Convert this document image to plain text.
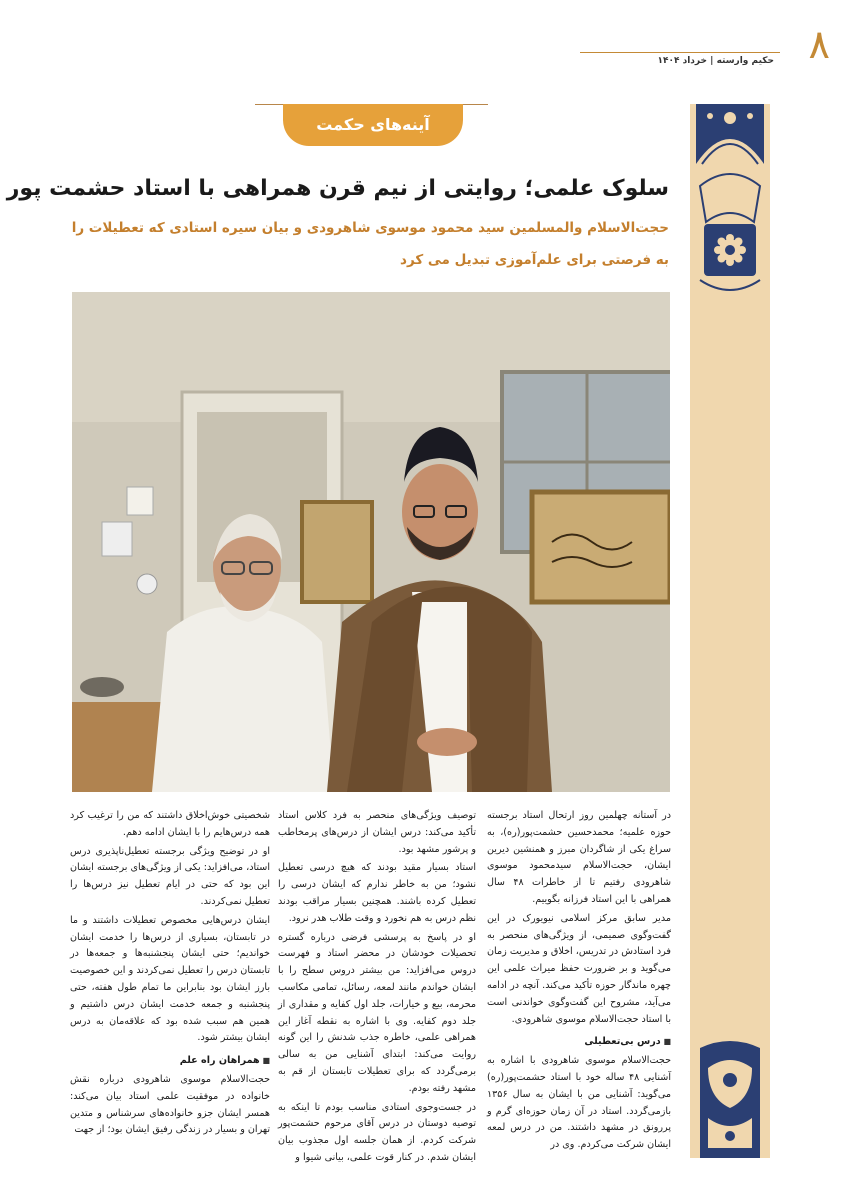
۸
حکیم وارسته | خرداد ۱۴۰۴
آینه‌های حکمت
سلوک علمی؛ روایتی از نیم قرن همراهی با استاد حشمت پور
حجت‌الاسلام والمسلمین سید محمود موسوی شاهرودی و بیان سیره استادی که تعطیلات را
به فرصتی برای علم‌آموزی تبدیل می کرد

در آستانه چهلمین روز ارتحال استاد برجسته حوزه علمیه؛ محمدحسین حشمت‌پور(ره)، به سراغ یکی از شاگردان مبرز و همنشین دیرین ایشان، حجت‌الاسلام سیدمحمود موسوی شاهرودی رفتیم تا از خاطرات ۴۸ سال همراهی با این استاد فرزانه بگوییم.

مدیر سابق مرکز اسلامی نیویورک در این گفت‌وگوی صمیمی، از ویژگی‌های منحصر به فرد استادش در تدریس، اخلاق و مدیریت زمان می‌گوید و بر ضرورت حفظ میراث علمی این چهره ماندگار حوزه تأکید می‌کند. آنچه در ادامه می‌آید، مشروح این گفت‌وگوی خواندنی است با استاد حجت‌الاسلام موسوی شاهرودی.

■ درس بی‌تعطیلی

حجت‌الاسلام موسوی شاهرودی با اشاره به آشنایی ۴۸ ساله خود با استاد حشمت‌پور(ره) می‌گوید: آشنایی من با ایشان به سال ۱۳۵۶ بازمی‌گردد. استاد در آن زمان حوزه‌ای گرم و پررونق در مشهد داشتند. من در درس لمعه ایشان شرکت می‌کردم. وی در

توصیف ویژگی‌های منحصر به فرد کلاس استاد تأکید می‌کند: درس ایشان از درس‌های پرمخاطب و پرشور مشهد بود.

استاد بسیار مقید بودند که هیچ درسی تعطیل نشود؛ من به خاطر ندارم که ایشان درسی را تعطیل کرده باشند. همچنین بسیار مراقب بودند نظم درس به هم نخورد و وقت طلاب هدر نرود.

او در پاسخ به پرسشی فرضی درباره گستره تحصیلات خودشان در محضر استاد و فهرست دروس می‌افزاید: من بیشتر دروس سطح را با ایشان خواندم مانند لمعه، رسائل، تمامی مکاسب محرمه، بیع و خیارات، جلد اول کفایه و مقداری از جلد دوم کفایه. وی با اشاره به نقطه آغاز این همراهی علمی، خاطره جذب شدنش را این گونه روایت می‌کند: ابتدای آشنایی من به سالی برمی‌گردد که برای تعطیلات تابستان از قم به مشهد رفته بودم.

در جست‌وجوی استادی مناسب بودم تا اینکه به توصیه دوستان در درس آقای مرحوم حشمت‌پور شرکت کردم. از همان جلسه اول مجذوب بیان ایشان شدم. در کنار قوت علمی، بیانی شیوا و

شخصیتی خوش‌اخلاق داشتند که من را ترغیب کرد همه درس‌هایم را با ایشان ادامه دهم.

او در توضیح ویژگی برجسته تعطیل‌ناپذیری درس استاد، می‌افزاید: یکی از ویژگی‌های برجسته ایشان این بود که حتی در ایام تعطیل نیز درس‌ها را تعطیل نمی‌کردند.

ایشان درس‌هایی مخصوص تعطیلات داشتند و ما در تابستان، بسیاری از درس‌ها را خدمت ایشان خواندیم؛ حتی ایشان پنجشنبه‌ها و جمعه‌ها در تابستان درس را تعطیل نمی‌کردند و این خصوصیت بارز ایشان بود بنابراین ما تمام طول هفته، حتی پنجشنبه و جمعه خدمت ایشان درس داشتیم و همین هم سبب شده بود که علاقه‌مان به درس ایشان بیشتر شود.

■ همراهان راه علم

حجت‌الاسلام موسوی شاهرودی درباره نقش خانواده در موفقیت علمی استاد بیان می‌کند: همسر ایشان جزو خانواده‌های سرشناس و متدین تهران و بسیار در زندگی رفیق ایشان بود؛ از جهت
